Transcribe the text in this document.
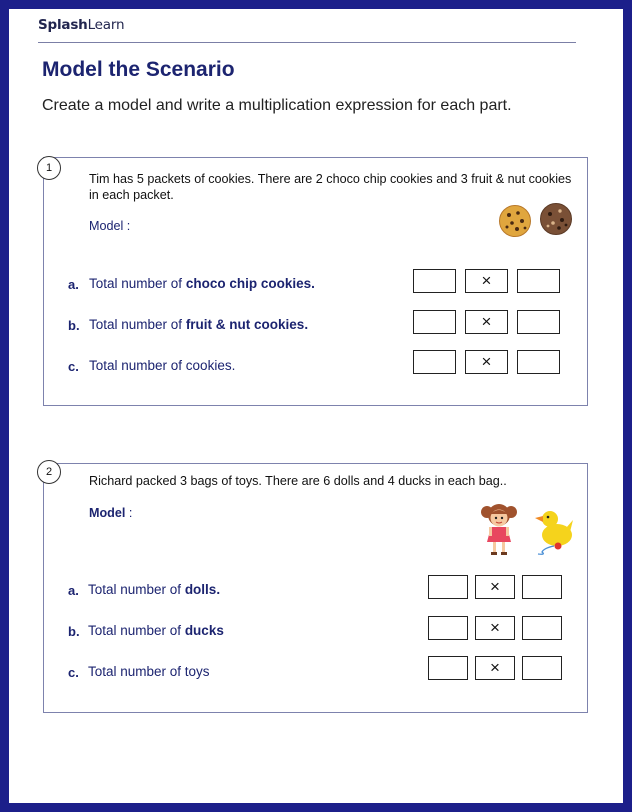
SplashLearn
Model the Scenario
Create a model and write a multiplication expression for each part.
1
Tim has 5 packets of cookies. There are 2 choco chip cookies and 3 fruit & nut cookies
in each packet.
Model :
a. Total number of choco chip cookies.	×
b. Total number of fruit & nut cookies.	×
c. Total number of cookies.	×
2
Richard packed 3 bags of toys. There are 6 dolls and 4 ducks in each bag..
Model :
a. Total number of dolls.	×
b. Total number of ducks	×
c. Total number of toys	×
